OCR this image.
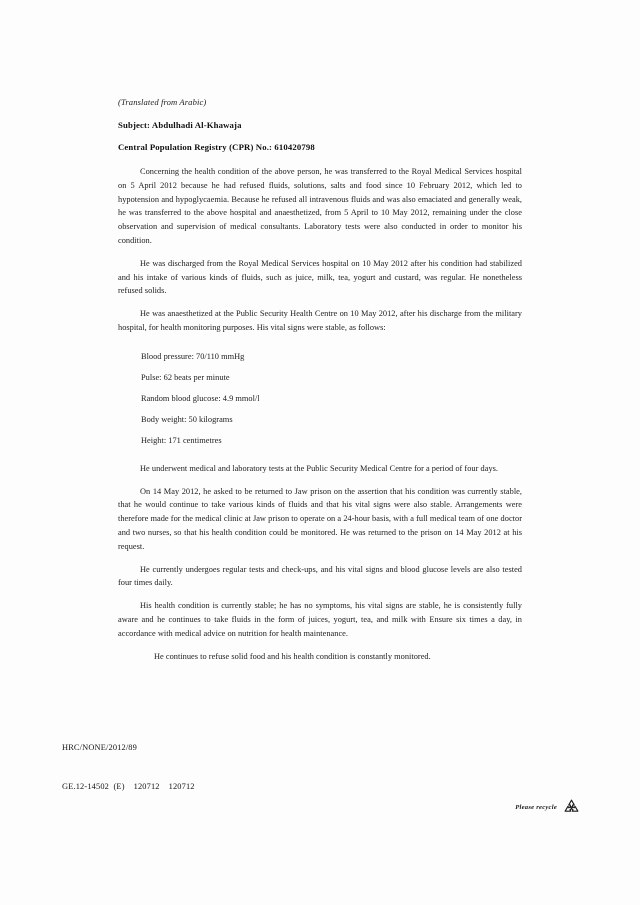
(Translated from Arabic)
Subject: Abdulhadi Al-Khawaja
Central Population Registry (CPR) No.: 610420798

Concerning the health condition of the above person, he was transferred to the Royal Medical Services hospital on 5 April 2012 because he had refused fluids, solutions, salts and food since 10 February 2012, which led to hypotension and hypoglycaemia. Because he refused all intravenous fluids and was also emaciated and generally weak, he was transferred to the above hospital and anaesthetized, from 5 April to 10 May 2012, remaining under the close observation and supervision of medical consultants. Laboratory tests were also conducted in order to monitor his condition.

He was discharged from the Royal Medical Services hospital on 10 May 2012 after his condition had stabilized and his intake of various kinds of fluids, such as juice, milk, tea, yogurt and custard, was regular. He nonetheless refused solids.

He was anaesthetized at the Public Security Health Centre on 10 May 2012, after his discharge from the military hospital, for health monitoring purposes. His vital signs were stable, as follows:

Blood pressure: 70/110 mmHg
Pulse: 62 beats per minute
Random blood glucose: 4.9 mmol/l
Body weight: 50 kilograms
Height: 171 centimetres

He underwent medical and laboratory tests at the Public Security Medical Centre for a period of four days.

On 14 May 2012, he asked to be returned to Jaw prison on the assertion that his condition was currently stable, that he would continue to take various kinds of fluids and that his vital signs were also stable. Arrangements were therefore made for the medical clinic at Jaw prison to operate on a 24-hour basis, with a full medical team of one doctor and two nurses, so that his health condition could be monitored. He was returned to the prison on 14 May 2012 at his request.

He currently undergoes regular tests and check-ups, and his vital signs and blood glucose levels are also tested four times daily.

His health condition is currently stable; he has no symptoms, his vital signs are stable, he is consistently fully aware and he continues to take fluids in the form of juices, yogurt, tea, and milk with Ensure six times a day, in accordance with medical advice on nutrition for health maintenance.

He continues to refuse solid food and his health condition is constantly monitored.

HRC/NONE/2012/89

GE.12-14502  (E)    120712    120712

Please recycle
